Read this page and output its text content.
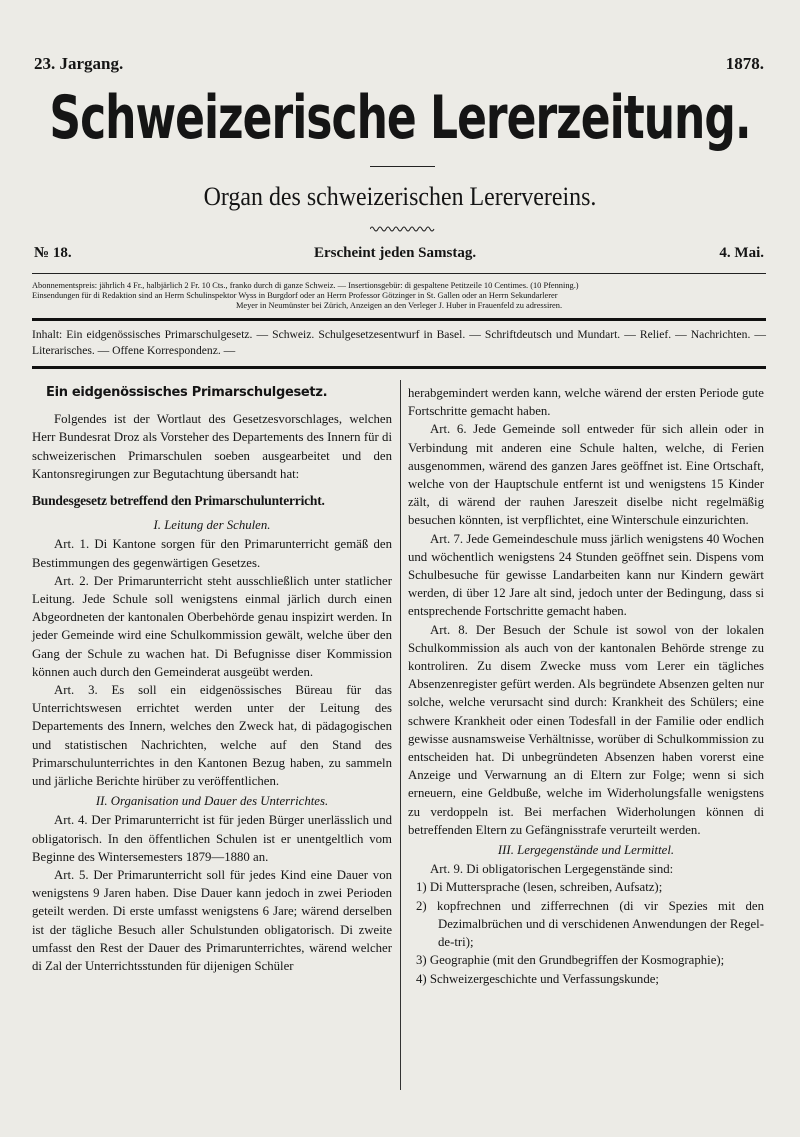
23. Jargang.	1878.
Schweizerische Lererzeitung.
Organ des schweizerischen Lerervereins.
№ 18.	Erscheint jeden Samstag.	4. Mai.
Abonnementspreis: jährlich 4 Fr., halbjärlich 2 Fr. 10 Cts., franko durch di ganze Schweiz. — Insertionsgebür: di gespaltene Petitzeile 10 Centimes. (10 Pfenning.)
Einsendungen für di Redaktion sind an Herrn Schulinspektor Wyss in Burgdorf oder an Herrn Professor Götzinger in St. Gallen oder an Herrn Sekundarlerer
Meyer in Neumünster bei Zürich, Anzeigen an den Verleger J. Huber in Frauenfeld zu adressiren.
Inhalt: Ein eidgenössisches Primarschulgesetz. — Schweiz. Schulgesetzesentwurf in Basel. — Schriftdeutsch und Mundart. — Relief. — Nachrichten. — Literarisches. — Offene Korrespondenz. —
Ein eidgenössisches Primarschulgesetz.

Folgendes ist der Wortlaut des Gesetzesvorschlages, welchen Herr Bundesrat Droz als Vorsteher des Departements des Innern für di schweizerischen Primarschulen soeben ausgearbeitet und den Kantonsregirungen zur Begutachtung übersandt hat:

Bundesgesetz betreffend den Primarschulunterricht.
I. Leitung der Schulen.

Art. 1. Di Kantone sorgen für den Primarunterricht gemäß den Bestimmungen des gegenwärtigen Gesetzes.

Art. 2. Der Primarunterricht steht ausschließlich unter statlicher Leitung. Jede Schule soll wenigstens einmal järlich durch einen Abgeordneten der kantonalen Oberbehörde genau inspizirt werden. In jeder Gemeinde wird eine Schulkommission gewält, welche über den Gang der Schule zu wachen hat. Di Befugnisse diser Kommission können auch durch den Gemeinderat ausgeübt werden.

Art. 3. Es soll ein eidgenössisches Büreau für das Unterrichtswesen errichtet werden unter der Leitung des Departements des Innern, welches den Zweck hat, di pädagogischen und statistischen Nachrichten, welche auf den Stand des Primarschulunterrichtes in den Kantonen Bezug haben, zu sammeln und järliche Berichte hirüber zu veröffentlichen.

II. Organisation und Dauer des Unterrichtes.

Art. 4. Der Primarunterricht ist für jeden Bürger unerlässlich und obligatorisch. In den öffentlichen Schulen ist er unentgeltlich vom Beginne des Wintersemesters 1879—1880 an.

Art. 5. Der Primarunterricht soll für jedes Kind eine Dauer von wenigstens 9 Jaren haben. Dise Dauer kann jedoch in zwei Perioden geteilt werden. Di erste umfasst wenigstens 6 Jare; wärend derselben ist der tägliche Besuch aller Schulstunden obligatorisch. Di zweite umfasst den Rest der Dauer des Primarunterrichtes, wärend welcher di Zal der Unterrichtsstunden für dijenigen Schüler

herabgemindert werden kann, welche wärend der ersten Periode gute Fortschritte gemacht haben.

Art. 6. Jede Gemeinde soll entweder für sich allein oder in Verbindung mit anderen eine Schule halten, welche, di Ferien ausgenommen, wärend des ganzen Jares geöffnet ist. Eine Ortschaft, welche von der Hauptschule entfernt ist und wenigstens 15 Kinder zält, di wärend der rauhen Jareszeit diselbe nicht regelmäßig besuchen könnten, ist verpflichtet, eine Winterschule einzurichten.

Art. 7. Jede Gemeindeschule muss järlich wenigstens 40 Wochen und wöchentlich wenigstens 24 Stunden geöffnet sein. Dispens vom Schulbesuche für gewisse Landarbeiten kann nur Kindern gewärt werden, di über 12 Jare alt sind, jedoch unter der Bedingung, dass si entsprechende Fortschritte gemacht haben.

Art. 8. Der Besuch der Schule ist sowol von der lokalen Schulkommission als auch von der kantonalen Behörde strenge zu kontroliren. Zu disem Zwecke muss vom Lerer ein tägliches Absenzenregister gefürt werden. Als begründete Absenzen gelten nur solche, welche verursacht sind durch: Krankheit des Schülers; eine schwere Krankheit oder einen Todesfall in der Familie oder endlich gewisse ausnamsweise Verhältnisse, worüber di Schulkommission zu entscheiden hat. Di unbegründeten Absenzen haben vorerst eine Anzeige und Verwarnung an di Eltern zur Folge; wenn si sich erneuern, eine Geldbuße, welche im Widerholungsfalle wenigstens zu verdoppeln ist. Bei merfachen Widerholungen können di betreffenden Eltern zu Gefängnisstrafe verurteilt werden.

III. Lergegenstände und Lermittel.

Art. 9. Di obligatorischen Lergegenstände sind:

1) Di Muttersprache (lesen, schreiben, Aufsatz);
2) kopfrechnen und zifferrechnen (di vir Spezies mit den Dezimalbrüchen und di verschidenen Anwendungen der Regel-de-tri);
3) Geographie (mit den Grundbegriffen der Kosmographie);
4) Schweizergeschichte und Verfassungskunde;
